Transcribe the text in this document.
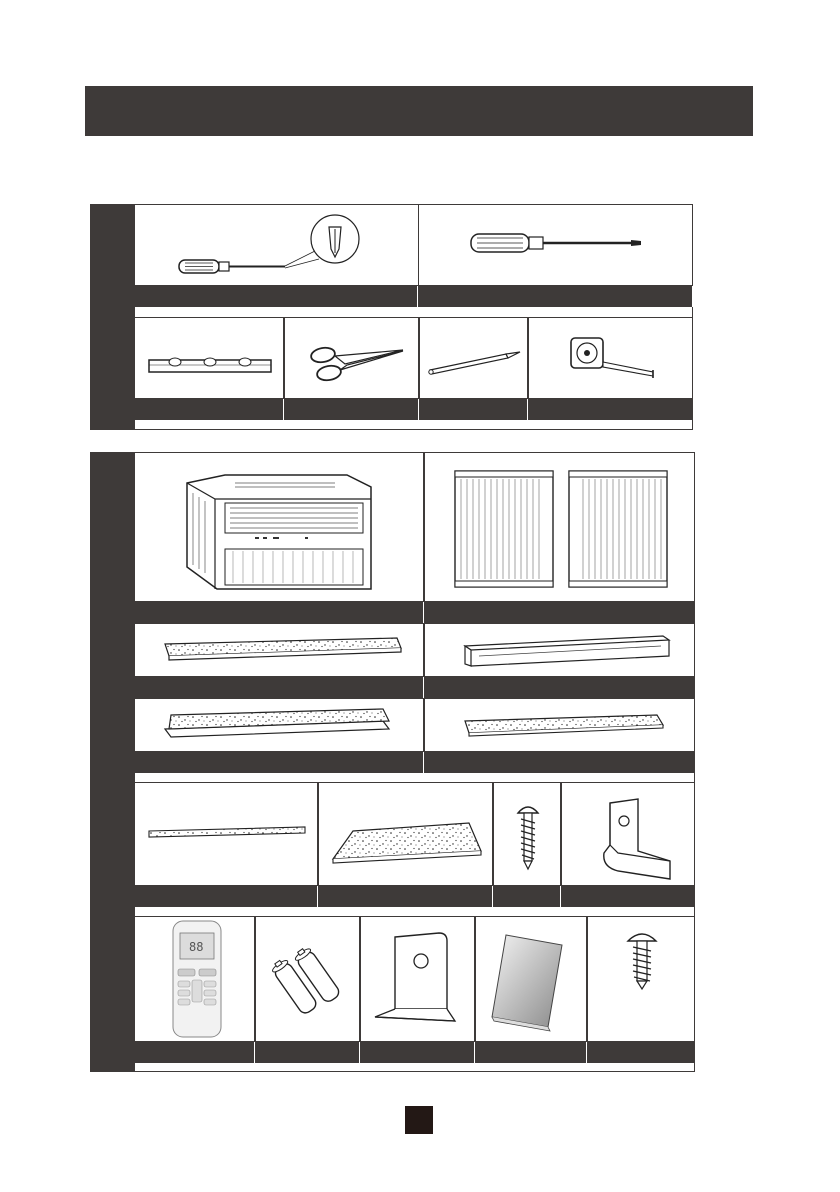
88
